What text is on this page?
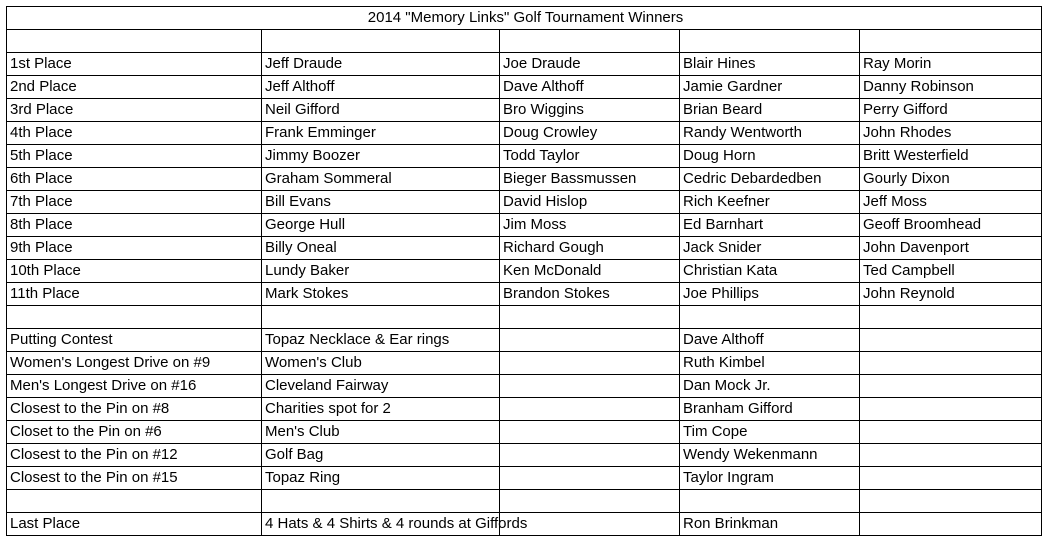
2014 "Memory Links" Golf Tournament Winners				

1st Place	Jeff Draude	Joe Draude	Blair Hines	Ray Morin
2nd Place	Jeff Althoff	Dave Althoff	Jamie Gardner	Danny Robinson
3rd Place	Neil Gifford	Bro Wiggins	Brian Beard	Perry Gifford
4th Place	Frank Emminger	Doug Crowley	Randy Wentworth	John Rhodes
5th Place	Jimmy Boozer	Todd Taylor	Doug Horn	Britt Westerfield
6th Place	Graham Sommeral	Bieger Bassmussen	Cedric Debardedben	Gourly Dixon
7th Place	Bill Evans	David Hislop	Rich Keefner	Jeff Moss
8th Place	George Hull	Jim Moss	Ed Barnhart	Geoff Broomhead
9th Place	Billy Oneal	Richard Gough	Jack Snider	John Davenport
10th Place	Lundy Baker	Ken McDonald	Christian Kata	Ted Campbell
11th Place	Mark Stokes	Brandon Stokes	Joe Phillips	John Reynold

Putting Contest	Topaz Necklace & Ear rings		Dave Althoff	
Women's Longest Drive on #9	Women's Club		Ruth Kimbel	
Men's Longest Drive on #16	Cleveland Fairway		Dan Mock Jr.	
Closest to the Pin on #8	Charities spot for 2		Branham Gifford	
Closet to the Pin on #6	Men's Club		Tim Cope	
Closest to the Pin on #12	Golf Bag		Wendy Wekenmann	
Closest to the Pin on #15	Topaz Ring		Taylor Ingram	

Last Place	4 Hats & 4 Shirts & 4 rounds at Giffords		Ron Brinkman	
